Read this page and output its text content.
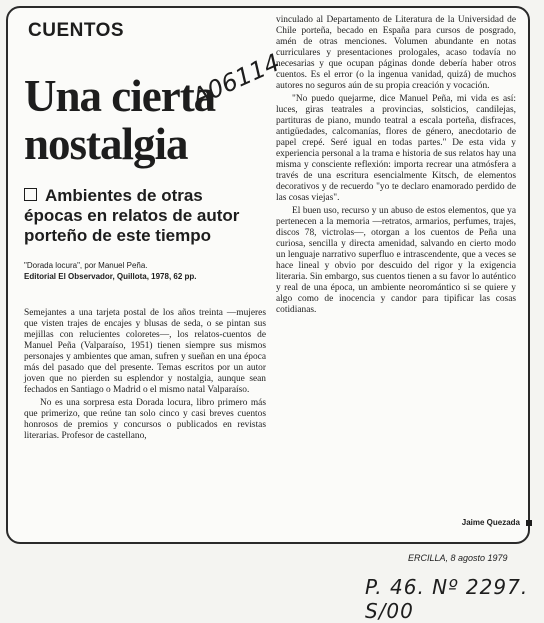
CUENTOS
Una cierta
nostalgia
A06114
Ambientes de otras épocas en relatos de autor porteño de este tiempo
"Dorada locura", por Manuel Peña.
Editorial El Observador, Quillota, 1978, 62 pp.

Semejantes a una tarjeta postal de los años treinta —mujeres que visten trajes de encajes y blusas de seda, o se pintan sus mejillas con relucientes coloretes—, los relatos-cuentos de Manuel Peña (Valparaíso, 1951) tienen siempre sus mismos personajes y ambientes que aman, sufren y sueñan en una época más del pasado que del presente. Temas escritos por un autor joven que no pierden su esplendor y nostalgia, aunque sean fechados en Santiago o Madrid o el mismo natal Valparaíso.

No es una sorpresa esta Dorada locura, libro primero más que primerizo, que reúne tan solo cinco y casi breves cuentos honrosos de premios y concursos o publicados en revistas literarias. Profesor de castellano,

vinculado al Departamento de Literatura de la Universidad de Chile porteña, becado en España para cursos de posgrado, amén de otras menciones. Volumen abundante en notas curriculares y presentaciones prologales, acaso todavía no necesarias y que ocupan páginas donde debería haber otros cuentos. Es el error (o la ingenua vanidad, quizá) de muchos autores no seguros aún de su propia creación y vocación.

"No puedo quejarme, dice Manuel Peña, mi vida es así: luces, giras teatrales a provincias, solsticios, candilejas, partituras de piano, mundo teatral a escala porteña, disfraces, antigüedades, calcomanías, flores de género, anecdotario de papel crepé. Seré igual en todas partes." De esta vida y experiencia personal a la trama e historia de sus relatos hay una misma y consciente reflexión: importa recrear una atmósfera a través de una escritura esencialmente Kitsch, de elementos decorativos y de recuerdo "yo te declaro enamorado perdido de las cosas viejas".

El buen uso, recurso y un abuso de estos elementos, que ya pertenecen a la memoria —retratos, armarios, perfumes, trajes, discos 78, victrolas—, otorgan a los cuentos de Peña una curiosa, sencilla y directa amenidad, salvando en cierto modo un lenguaje narrativo superfluo e intrascendente, que a veces se hace lineal y obvio por descuido del rigor y la exigencia literaria. Sin embargo, sus cuentos tienen a su favor lo auténtico y real de una época, un ambiente neoromántico si se quiere y algo como de inocencia y candor para tipificar las cosas cotidianas.

Jaime Quezada
ERCILLA, 8 agosto 1979
P. 46. Nº 2297. S/00
